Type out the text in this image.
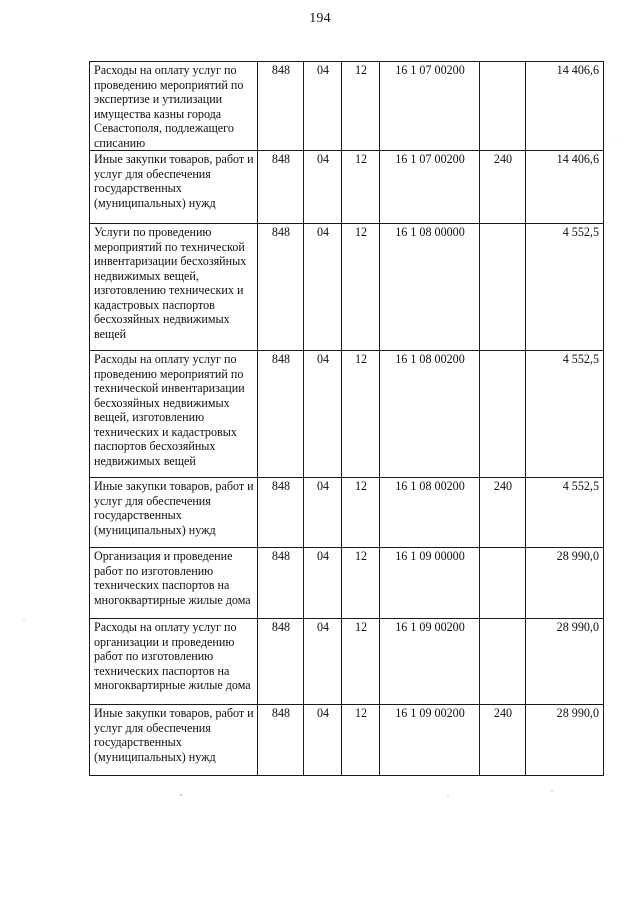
194
Расходы на оплату услуг по проведению мероприятий по экспертизе и утилизации имущества казны города Севастополя, подлежащего списанию	848	04	12	16 1 07 00200		14 406,6
Иные закупки товаров, работ и услуг для обеспечения государственных (муниципальных) нужд	848	04	12	16 1 07 00200	240	14 406,6
Услуги по проведению мероприятий по технической инвентаризации бесхозяйных недвижимых вещей, изготовлению технических и кадастровых паспортов бесхозяйных недвижимых вещей	848	04	12	16 1 08 00000		4 552,5
Расходы на оплату услуг по проведению мероприятий по технической инвентаризации бесхозяйных недвижимых вещей, изготовлению технических и кадастровых паспортов бесхозяйных недвижимых вещей	848	04	12	16 1 08 00200		4 552,5
Иные закупки товаров, работ и услуг для обеспечения государственных (муниципальных) нужд	848	04	12	16 1 08 00200	240	4 552,5
Организация и проведение работ по изготовлению технических паспортов на многоквартирные жилые дома	848	04	12	16 1 09 00000		28 990,0
Расходы на оплату услуг по организации и проведению работ по изготовлению технических паспортов на многоквартирные жилые дома	848	04	12	16 1 09 00200		28 990,0
Иные закупки товаров, работ и услуг для обеспечения государственных (муниципальных) нужд	848	04	12	16 1 09 00200	240	28 990,0
